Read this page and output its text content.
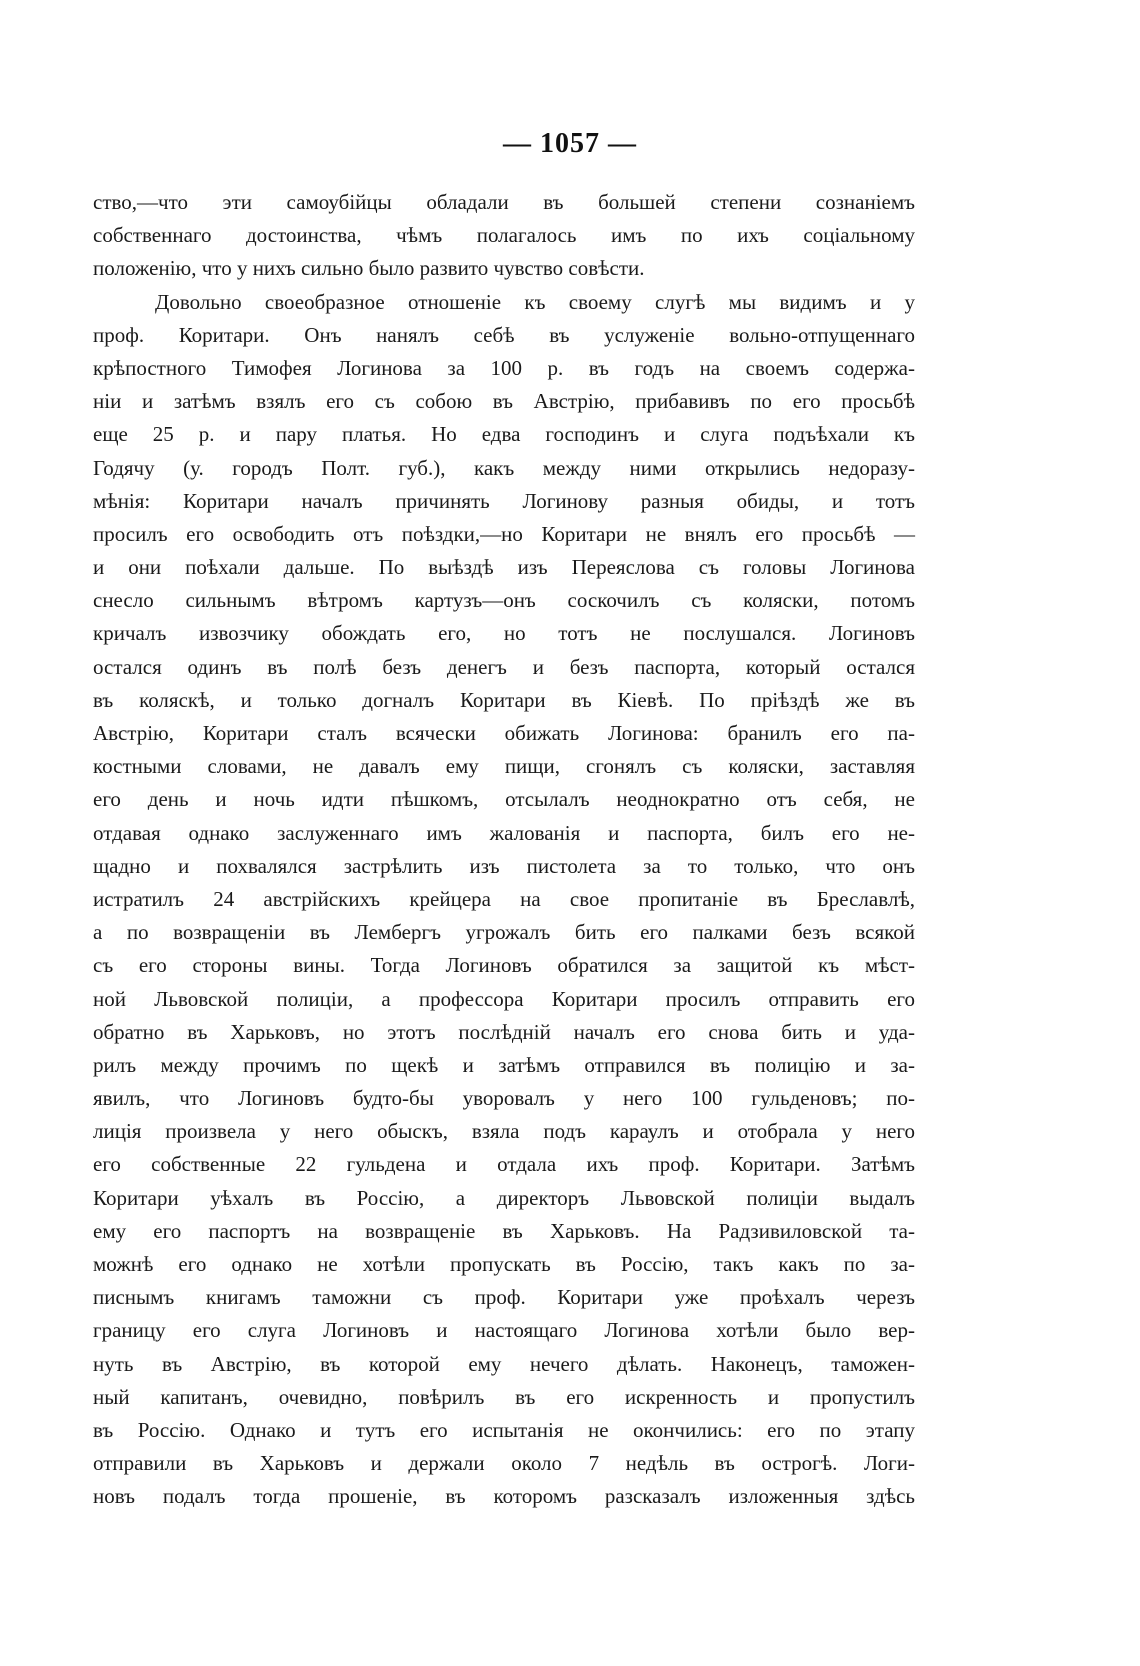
— 1057 —
ство,—что эти самоубійцы обладали въ большей степени сознаніемъ
собственнаго достоинства, чѣмъ полагалось имъ по ихъ соціальному
положенію, что у нихъ сильно было развито чувство совѣсти.
Довольно своеобразное отношеніе къ своему слугѣ мы видимъ и у
проф. Коритари. Онъ нанялъ себѣ въ услуженіе вольно-отпущеннаго
крѣпостного Тимофея Логинова за 100 р. въ годъ на своемъ содержа-
ніи и затѣмъ взялъ его съ собою въ Австрію, прибавивъ по его просьбѣ
еще 25 р. и пару платья. Но едва господинъ и слуга подъѣхали къ
Годячу (у. городъ Полт. губ.), какъ между ними открылись недоразу-
мѣнія: Коритари началъ причинять Логинову разныя обиды, и тотъ
просилъ его освободить отъ поѣздки,—но Коритари не внялъ его просьбѣ —
и они поѣхали дальше. По выѣздѣ изъ Переяслова съ головы Логинова
снесло сильнымъ вѣтромъ картузъ—онъ соскочилъ съ коляски, потомъ
кричалъ извозчику обождать его, но тотъ не послушался. Логиновъ
остался одинъ въ полѣ безъ денегъ и безъ паспорта, который остался
въ коляскѣ, и только догналъ Коритари въ Кіевѣ. По пріѣздѣ же въ
Австрію, Коритари сталъ всячески обижать Логинова: бранилъ его па-
костными словами, не давалъ ему пищи, сгонялъ съ коляски, заставляя
его день и ночь идти пѣшкомъ, отсылалъ неоднократно отъ себя, не
отдавая однако заслуженнаго имъ жалованія и паспорта, билъ его не-
щадно и похвалялся застрѣлить изъ пистолета за то только, что онъ
истратилъ 24 австрійскихъ крейцера на свое пропитаніе въ Бреславлѣ,
а по возвращеніи въ Лембергъ угрожалъ бить его палками безъ всякой
съ его стороны вины. Тогда Логиновъ обратился за защитой къ мѣст-
ной Львовской полиціи, а профессора Коритари просилъ отправить его
обратно въ Харьковъ, но этотъ послѣдній началъ его снова бить и уда-
рилъ между прочимъ по щекѣ и затѣмъ отправился въ полицію и за-
явилъ, что Логиновъ будто-бы уворовалъ у него 100 гульденовъ; по-
лиція произвела у него обыскъ, взяла подъ караулъ и отобрала у него
его собственные 22 гульдена и отдала ихъ проф. Коритари. Затѣмъ
Коритари уѣхалъ въ Россію, а директоръ Львовской полиціи выдалъ
ему его паспортъ на возвращеніе въ Харьковъ. На Радзивиловской та-
можнѣ его однако не хотѣли пропускать въ Россію, такъ какъ по за-
писнымъ книгамъ таможни съ проф. Коритари уже проѣхалъ черезъ
границу его слуга Логиновъ и настоящаго Логинова хотѣли было вер-
нуть въ Австрію, въ которой ему нечего дѣлать. Наконецъ, таможен-
ный капитанъ, очевидно, повѣрилъ въ его искренность и пропустилъ
въ Россію. Однако и тутъ его испытанія не окончились: его по этапу
отправили въ Харьковъ и держали около 7 недѣль въ острогѣ. Логи-
новъ подалъ тогда прошеніе, въ которомъ разсказалъ изложенныя здѣсь
